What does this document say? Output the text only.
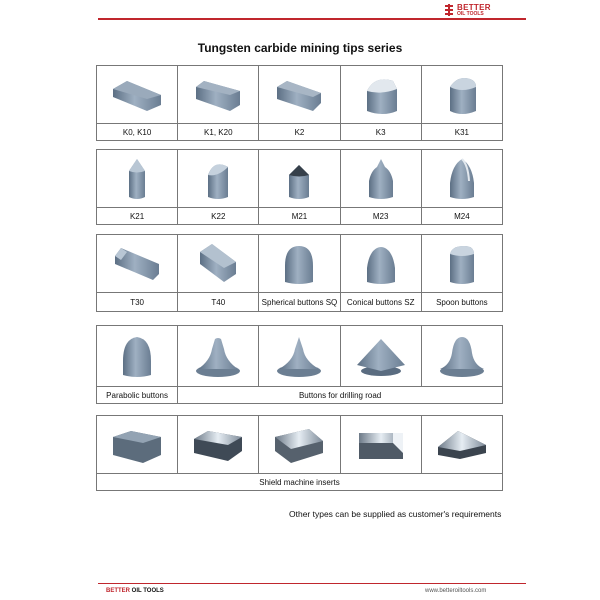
BETTER
OIL TOOLS
Tungsten carbide mining tips series

K0, K10	K1, K20	K2	K3	K31

K21	K22	M21	M23	M24

T30	T40	Spherical buttons SQ	Conical buttons SZ	Spoon buttons

Parabolic buttons	Buttons for drilling road			

Shield machine inserts
Other types can be supplied as customer's requirements
BETTER OIL TOOLS	www.betteroiltools.com
